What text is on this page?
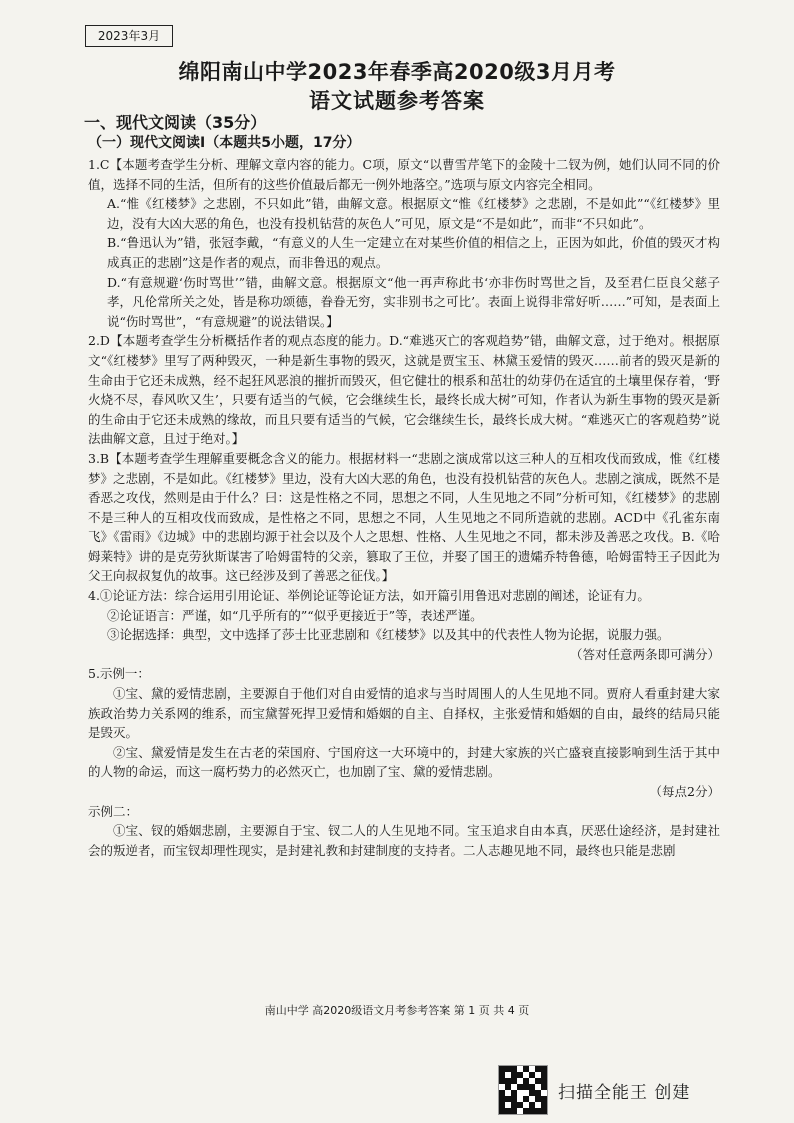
2023年3月
绵阳南山中学2023年春季高2020级3月月考
语文试题参考答案
一、现代文阅读（35分）
（一）现代文阅读Ⅰ（本题共5小题，17分）

1.C【本题考查学生分析、理解文章内容的能力。C项，原文“以曹雪芹笔下的金陵十二钗为例，她们认同不同的价值，选择不同的生活，但所有的这些价值最后都无一例外地落空。”选项与原文内容完全相同。

A.“惟《红楼梦》之悲剧，不只如此”错，曲解文意。根据原文“惟《红楼梦》之悲剧，不是如此”“《红楼梦》里边，没有大凶大恶的角色，也没有投机钻营的灰色人”可见，原文是“不是如此”，而非“不只如此”。

B.“鲁迅认为”错，张冠李戴，“有意义的人生一定建立在对某些价值的相信之上，正因为如此，价值的毁灭才构成真正的悲剧”这是作者的观点，而非鲁迅的观点。

D.“有意规避‘伤时骂世’”错，曲解文意。根据原文“他一再声称此书‘亦非伤时骂世之旨，及至君仁臣良父慈子孝，凡伦常所关之处，皆是称功颂德，眷眷无穷，实非别书之可比’。表面上说得非常好听……”可知，是表面上说“伤时骂世”，“有意规避”的说法错误。】

2.D【本题考查学生分析概括作者的观点态度的能力。D.“难逃灭亡的客观趋势”错，曲解文意，过于绝对。根据原文“《红楼梦》里写了两种毁灭，一种是新生事物的毁灭，这就是贾宝玉、林黛玉爱情的毁灭……前者的毁灭是新的生命由于它还未成熟，经不起狂风恶浪的摧折而毁灭，但它健壮的根系和茁壮的幼芽仍在适宜的土壤里保存着，‘野火烧不尽，春风吹又生’，只要有适当的气候，它会继续生长，最终长成大树”可知，作者认为新生事物的毁灭是新的生命由于它还未成熟的缘故，而且只要有适当的气候，它会继续生长，最终长成大树。“难逃灭亡的客观趋势”说法曲解文意，且过于绝对。】

3.B【本题考查学生理解重要概念含义的能力。根据材料一“悲剧之演成常以这三种人的互相攻伐而致成，惟《红楼梦》之悲剧，不是如此。《红楼梦》里边，没有大凶大恶的角色，也没有投机钻营的灰色人。悲剧之演成，既然不是香恶之攻伐，然则是由于什么？曰：这是性格之不同，思想之不同，人生见地之不同”分析可知，《红楼梦》的悲剧不是三种人的互相攻伐而致成，是性格之不同，思想之不同，人生见地之不同所造就的悲剧。ACD中《孔雀东南飞》《雷雨》《边城》中的悲剧均源于社会以及个人之思想、性格、人生见地之不同，都未涉及善恶之攻伐。B.《哈姆莱特》讲的是克劳狄斯谋害了哈姆雷特的父亲，篡取了王位，并娶了国王的遗孀乔特鲁德，哈姆雷特王子因此为父王向叔叔复仇的故事。这已经涉及到了善恶之征伐。】

4.①论证方法：综合运用引用论证、举例论证等论证方法，如开篇引用鲁迅对悲剧的阐述，论证有力。

②论证语言：严谨，如“几乎所有的”“似乎更接近于”等，表述严谨。

③论据选择：典型，文中选择了莎士比亚悲剧和《红楼梦》以及其中的代表性人物为论据，说服力强。

（答对任意两条即可满分）

5.示例一：

①宝、黛的爱情悲剧，主要源自于他们对自由爱情的追求与当时周围人的人生见地不同。贾府人看重封建大家族政治势力关系网的维系，而宝黛誓死捍卫爱情和婚姻的自主、自择权，主张爱情和婚姻的自由，最终的结局只能是毁灭。

②宝、黛爱情是发生在古老的荣国府、宁国府这一大环境中的，封建大家族的兴亡盛衰直接影响到生活于其中的人物的命运，而这一腐朽势力的必然灭亡，也加剧了宝、黛的爱情悲剧。

（每点2分）

示例二：

①宝、钗的婚姻悲剧，主要源自于宝、钗二人的人生见地不同。宝玉追求自由本真，厌恶仕途经济，是封建社会的叛逆者，而宝钗却理性现实，是封建礼教和封建制度的支持者。二人志趣见地不同，最终也只能是悲剧

南山中学 高2020级语文月考参考答案 第 1 页 共 4 页
扫描全能王 创建
